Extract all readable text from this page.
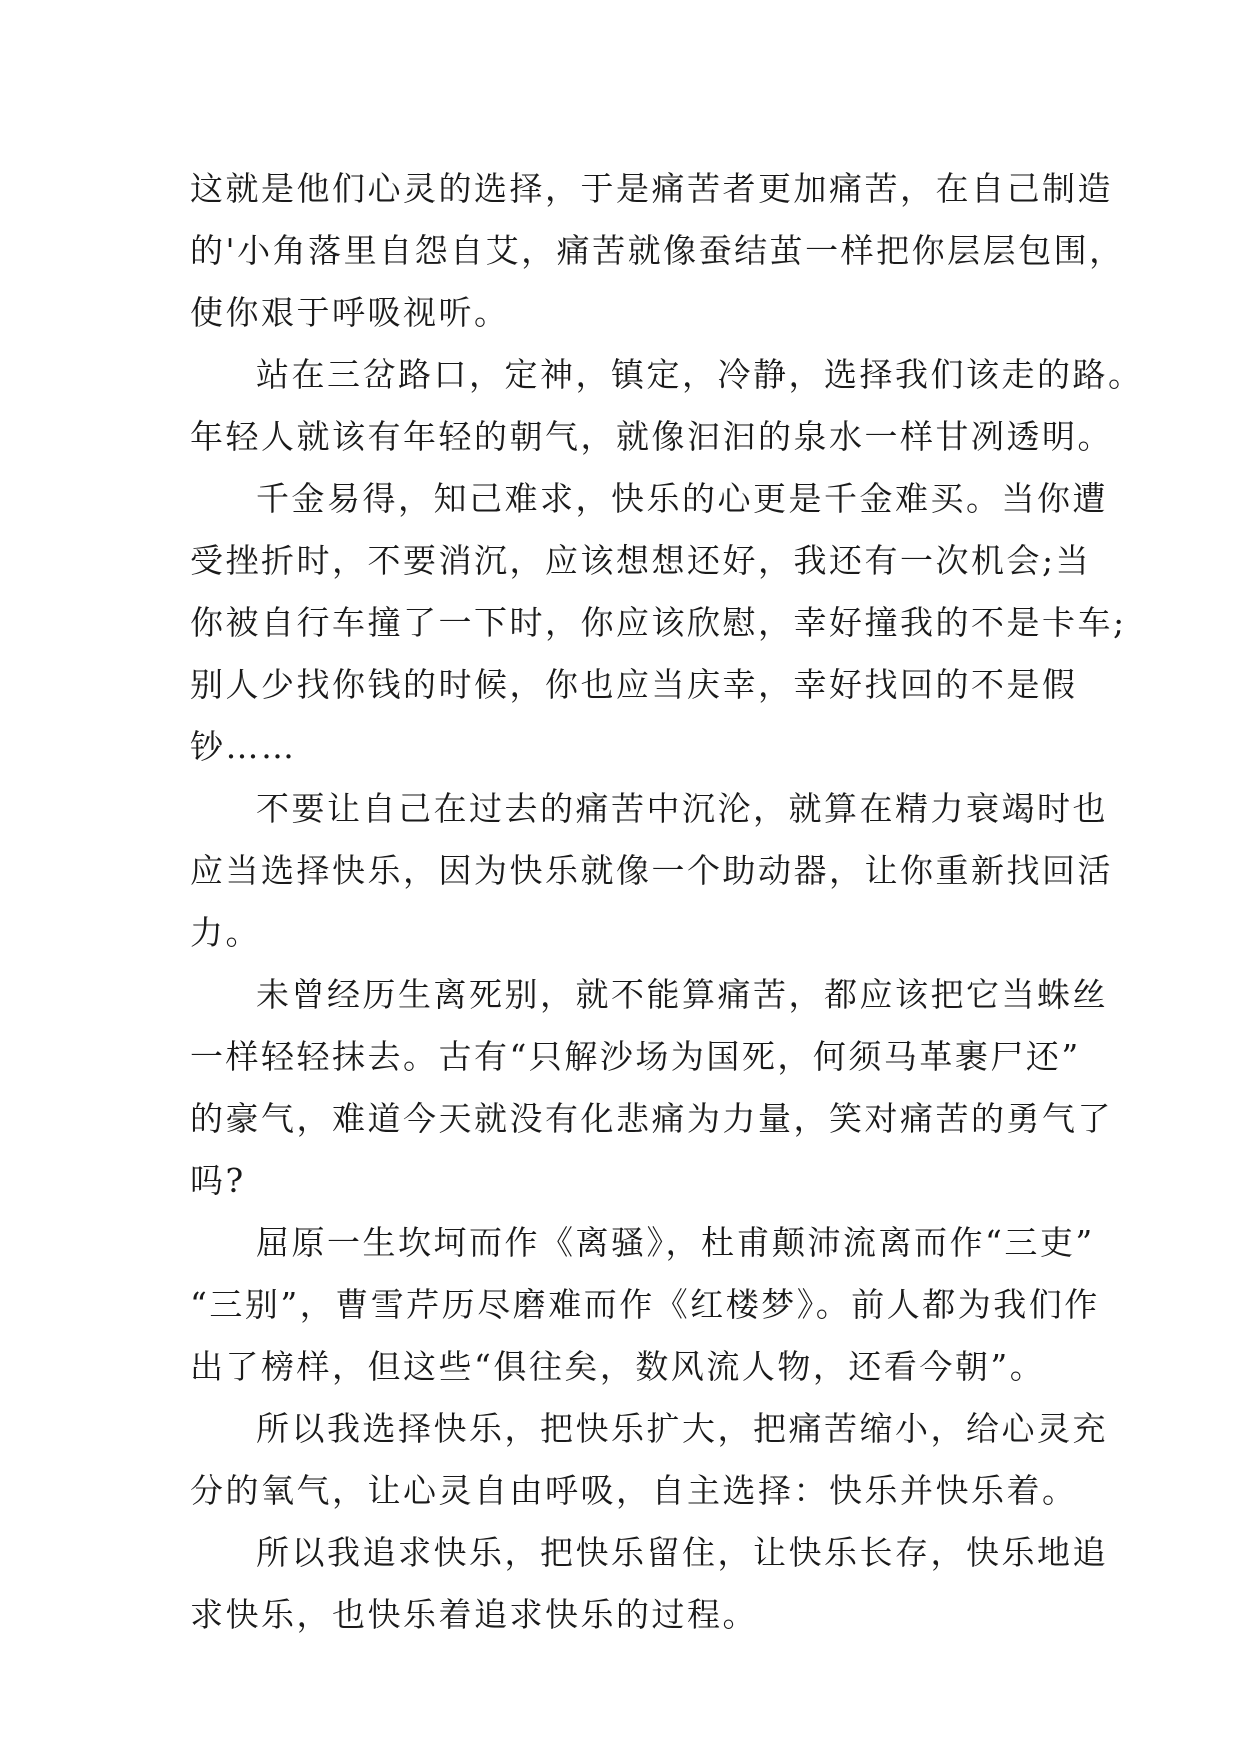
这就是他们心灵的选择，于是痛苦者更加痛苦，在自己制造
的'小角落里自怨自艾，痛苦就像蚕结茧一样把你层层包围，
使你艰于呼吸视听。
站在三岔路口，定神，镇定，冷静，选择我们该走的路。
年轻人就该有年轻的朝气，就像汩汩的泉水一样甘冽透明。
千金易得，知己难求，快乐的心更是千金难买。当你遭
受挫折时，不要消沉，应该想想还好，我还有一次机会;当
你被自行车撞了一下时，你应该欣慰，幸好撞我的不是卡车;
别人少找你钱的时候，你也应当庆幸，幸好找回的不是假
钞……
不要让自己在过去的痛苦中沉沦，就算在精力衰竭时也
应当选择快乐，因为快乐就像一个助动器，让你重新找回活
力。
未曾经历生离死别，就不能算痛苦，都应该把它当蛛丝
一样轻轻抹去。古有“只解沙场为国死，何须马革裹尸还”
的豪气，难道今天就没有化悲痛为力量，笑对痛苦的勇气了
吗?
屈原一生坎坷而作《离骚》，杜甫颠沛流离而作“三吏”
“三别”，曹雪芹历尽磨难而作《红楼梦》。前人都为我们作
出了榜样，但这些“俱往矣，数风流人物，还看今朝”。
所以我选择快乐，把快乐扩大，把痛苦缩小，给心灵充
分的氧气，让心灵自由呼吸，自主选择：快乐并快乐着。
所以我追求快乐，把快乐留住，让快乐长存，快乐地追
求快乐，也快乐着追求快乐的过程。
